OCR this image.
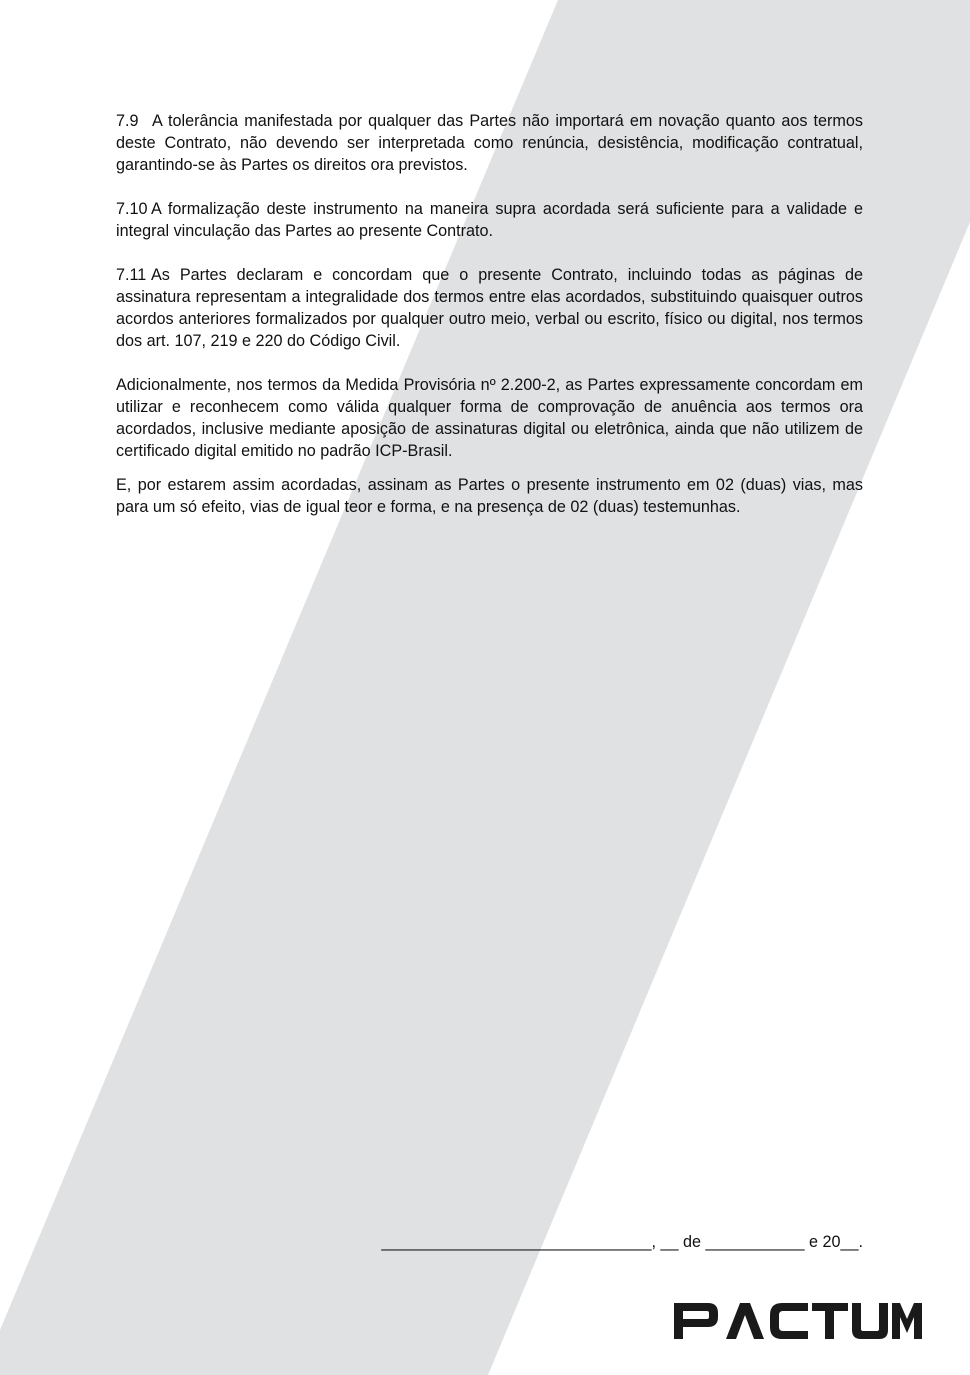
7.9 A tolerância manifestada por qualquer das Partes não importará em novação quanto aos termos deste Contrato, não devendo ser interpretada como renúncia, desistência, modificação contratual, garantindo-se às Partes os direitos ora previstos.

7.10 A formalização deste instrumento na maneira supra acordada será suficiente para a validade e integral vinculação das Partes ao presente Contrato.

7.11 As Partes declaram e concordam que o presente Contrato, incluindo todas as páginas de assinatura representam a integralidade dos termos entre elas acordados, substituindo quaisquer outros acordos anteriores formalizados por qualquer outro meio, verbal ou escrito, físico ou digital, nos termos dos art. 107, 219 e 220 do Código Civil.

Adicionalmente, nos termos da Medida Provisória nº 2.200-2, as Partes expressamente concordam em utilizar e reconhecem como válida qualquer forma de comprovação de anuência aos termos ora acordados, inclusive mediante aposição de assinaturas digital ou eletrônica, ainda que não utilizem de certificado digital emitido no padrão ICP-Brasil.

E, por estarem assim acordadas, assinam as Partes o presente instrumento em 02 (duas) vias, mas para um só efeito, vias de igual teor e forma, e na presença de 02 (duas) testemunhas.

______________________________, __ de ___________ e 20__.
